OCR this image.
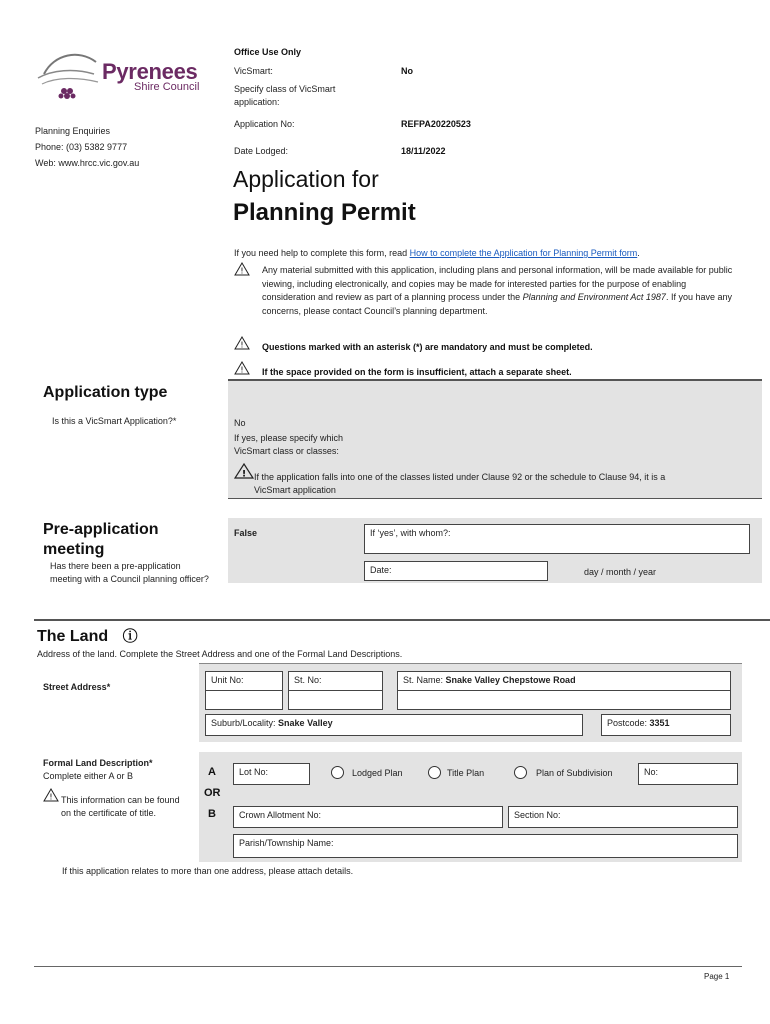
Pyrenees
Shire Council
Planning Enquiries
Phone: (03) 5382 9777
Web: www.hrcc.vic.gov.au
Office Use Only
VicSmart:	No
Specify class of VicSmart application:
Application No:	REFPA20220523
Date Lodged:	18/11/2022
Application for
Planning Permit
If you need help to complete this form, read How to complete the Application for Planning Permit form.
! Any material submitted with this application, including plans and personal information, will be made available for public viewing, including electronically, and copies may be made for interested parties for the purpose of enabling consideration and review as part of a planning process under the Planning and Environment Act 1987. If you have any concerns, please contact Council’s planning department.
! Questions marked with an asterisk (*) are mandatory and must be completed.
! If the space provided on the form is insufficient, attach a separate sheet.
Application type
Is this a VicSmart Application?*	No
If yes, please specify which VicSmart class or classes:
! If the application falls into one of the classes listed under Clause 92 or the schedule to Clause 94, it is a VicSmart application
Pre-application meeting
Has there been a pre-application meeting with a Council planning officer?
False	If ‘yes’, with whom?:
Date:	day / month / year
The Land ⓘ
Address of the land. Complete the Street Address and one of the Formal Land Descriptions.
Street Address*
Unit No:	St. No:	St. Name: Snake Valley Chepstowe Road
Suburb/Locality: Snake Valley	Postcode: 3351
Formal Land Description*
Complete either A or B
! This information can be found on the certificate of title.
A
OR
B
Lot No:	Lodged Plan	Title Plan	Plan of Subdivision	No:
Crown Allotment No:	Section No:
Parish/Township Name:
If this application relates to more than one address, please attach details.
Page 1
